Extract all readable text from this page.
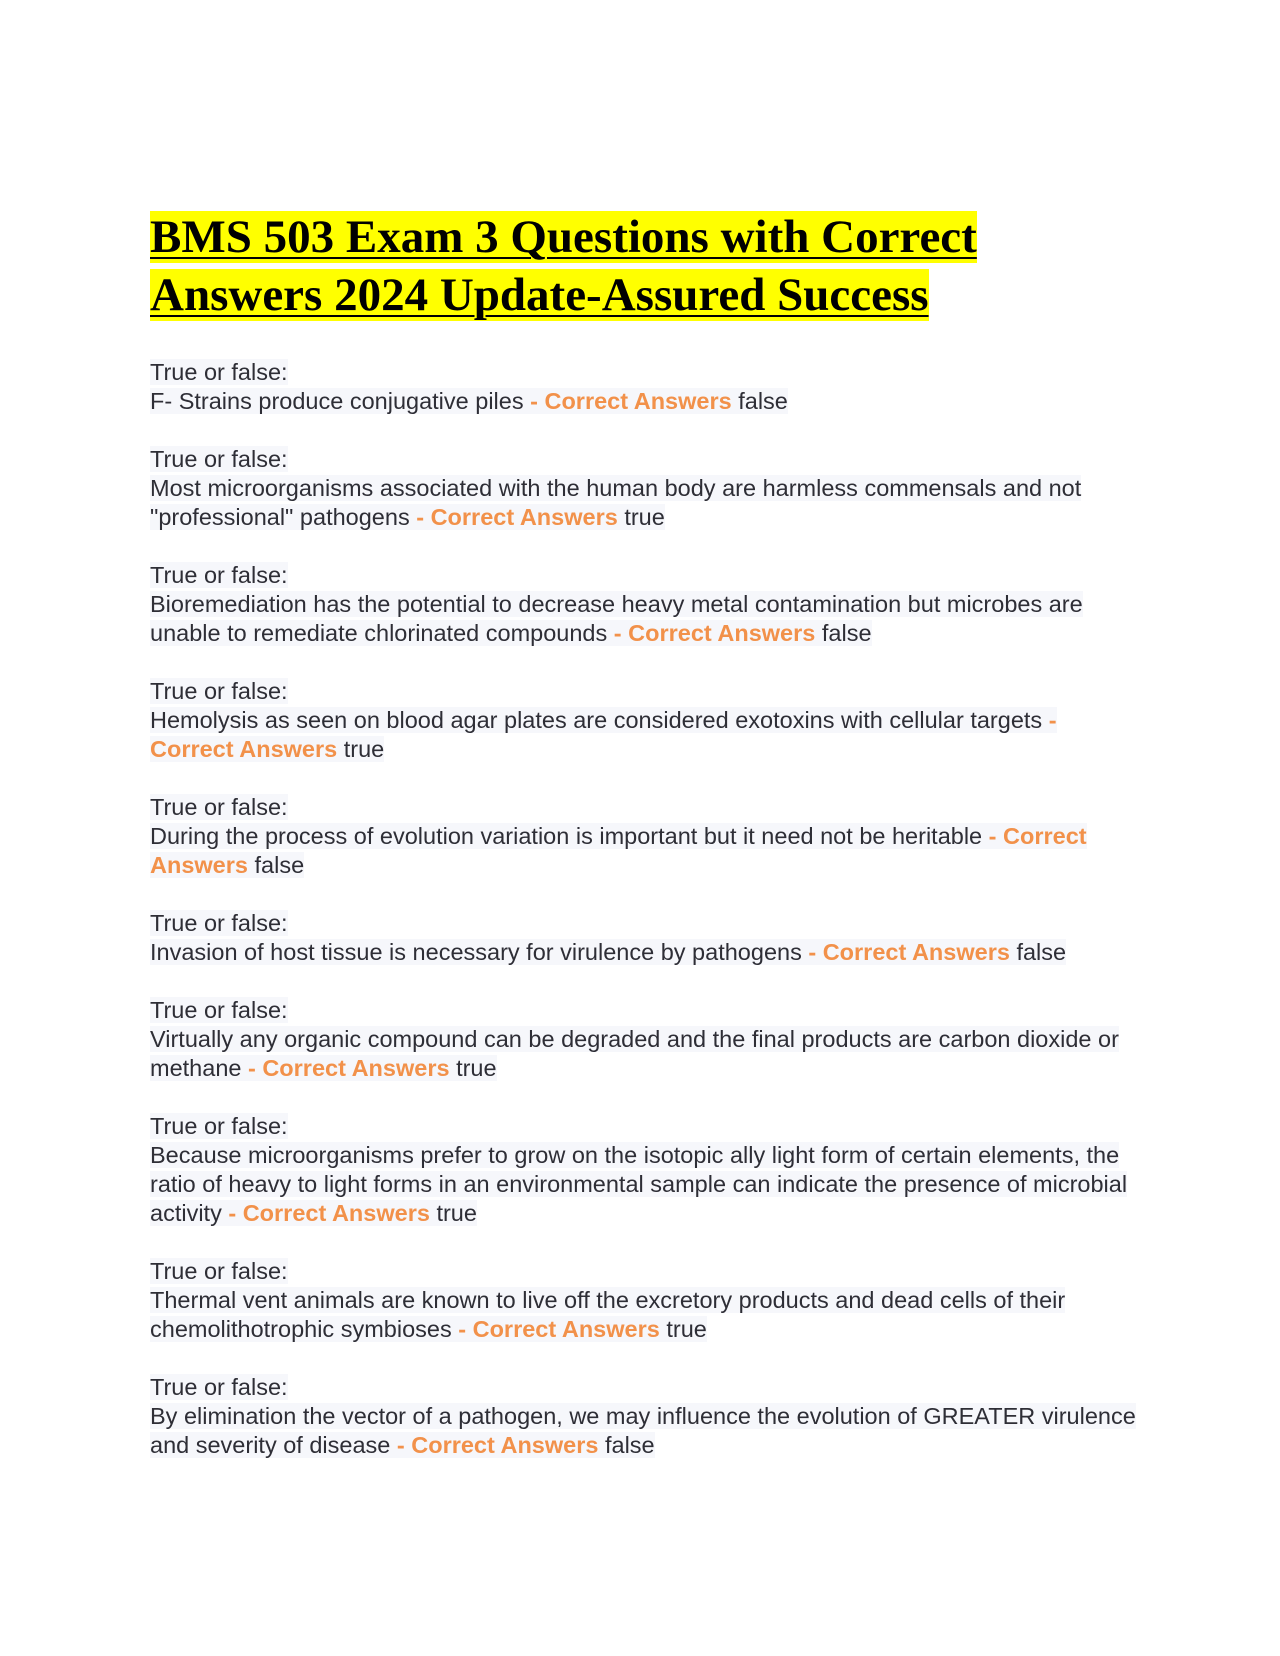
BMS 503 Exam 3 Questions with Correct
Answers 2024 Update-Assured Success
True or false:
F- Strains produce conjugative piles - Correct Answers false
True or false:
Most microorganisms associated with the human body are harmless commensals and not "professional" pathogens - Correct Answers true
True or false:
Bioremediation has the potential to decrease heavy metal contamination but microbes are unable to remediate chlorinated compounds - Correct Answers false
True or false:
Hemolysis as seen on blood agar plates are considered exotoxins with cellular targets - Correct Answers true
True or false:
During the process of evolution variation is important but it need not be heritable - Correct Answers false
True or false:
Invasion of host tissue is necessary for virulence by pathogens - Correct Answers false
True or false:
Virtually any organic compound can be degraded and the final products are carbon dioxide or methane - Correct Answers true
True or false:
Because microorganisms prefer to grow on the isotopic ally light form of certain elements, the ratio of heavy to light forms in an environmental sample can indicate the presence of microbial activity - Correct Answers true
True or false:
Thermal vent animals are known to live off the excretory products and dead cells of their chemolithotrophic symbioses - Correct Answers true
True or false:
By elimination the vector of a pathogen, we may influence the evolution of GREATER virulence and severity of disease - Correct Answers false
